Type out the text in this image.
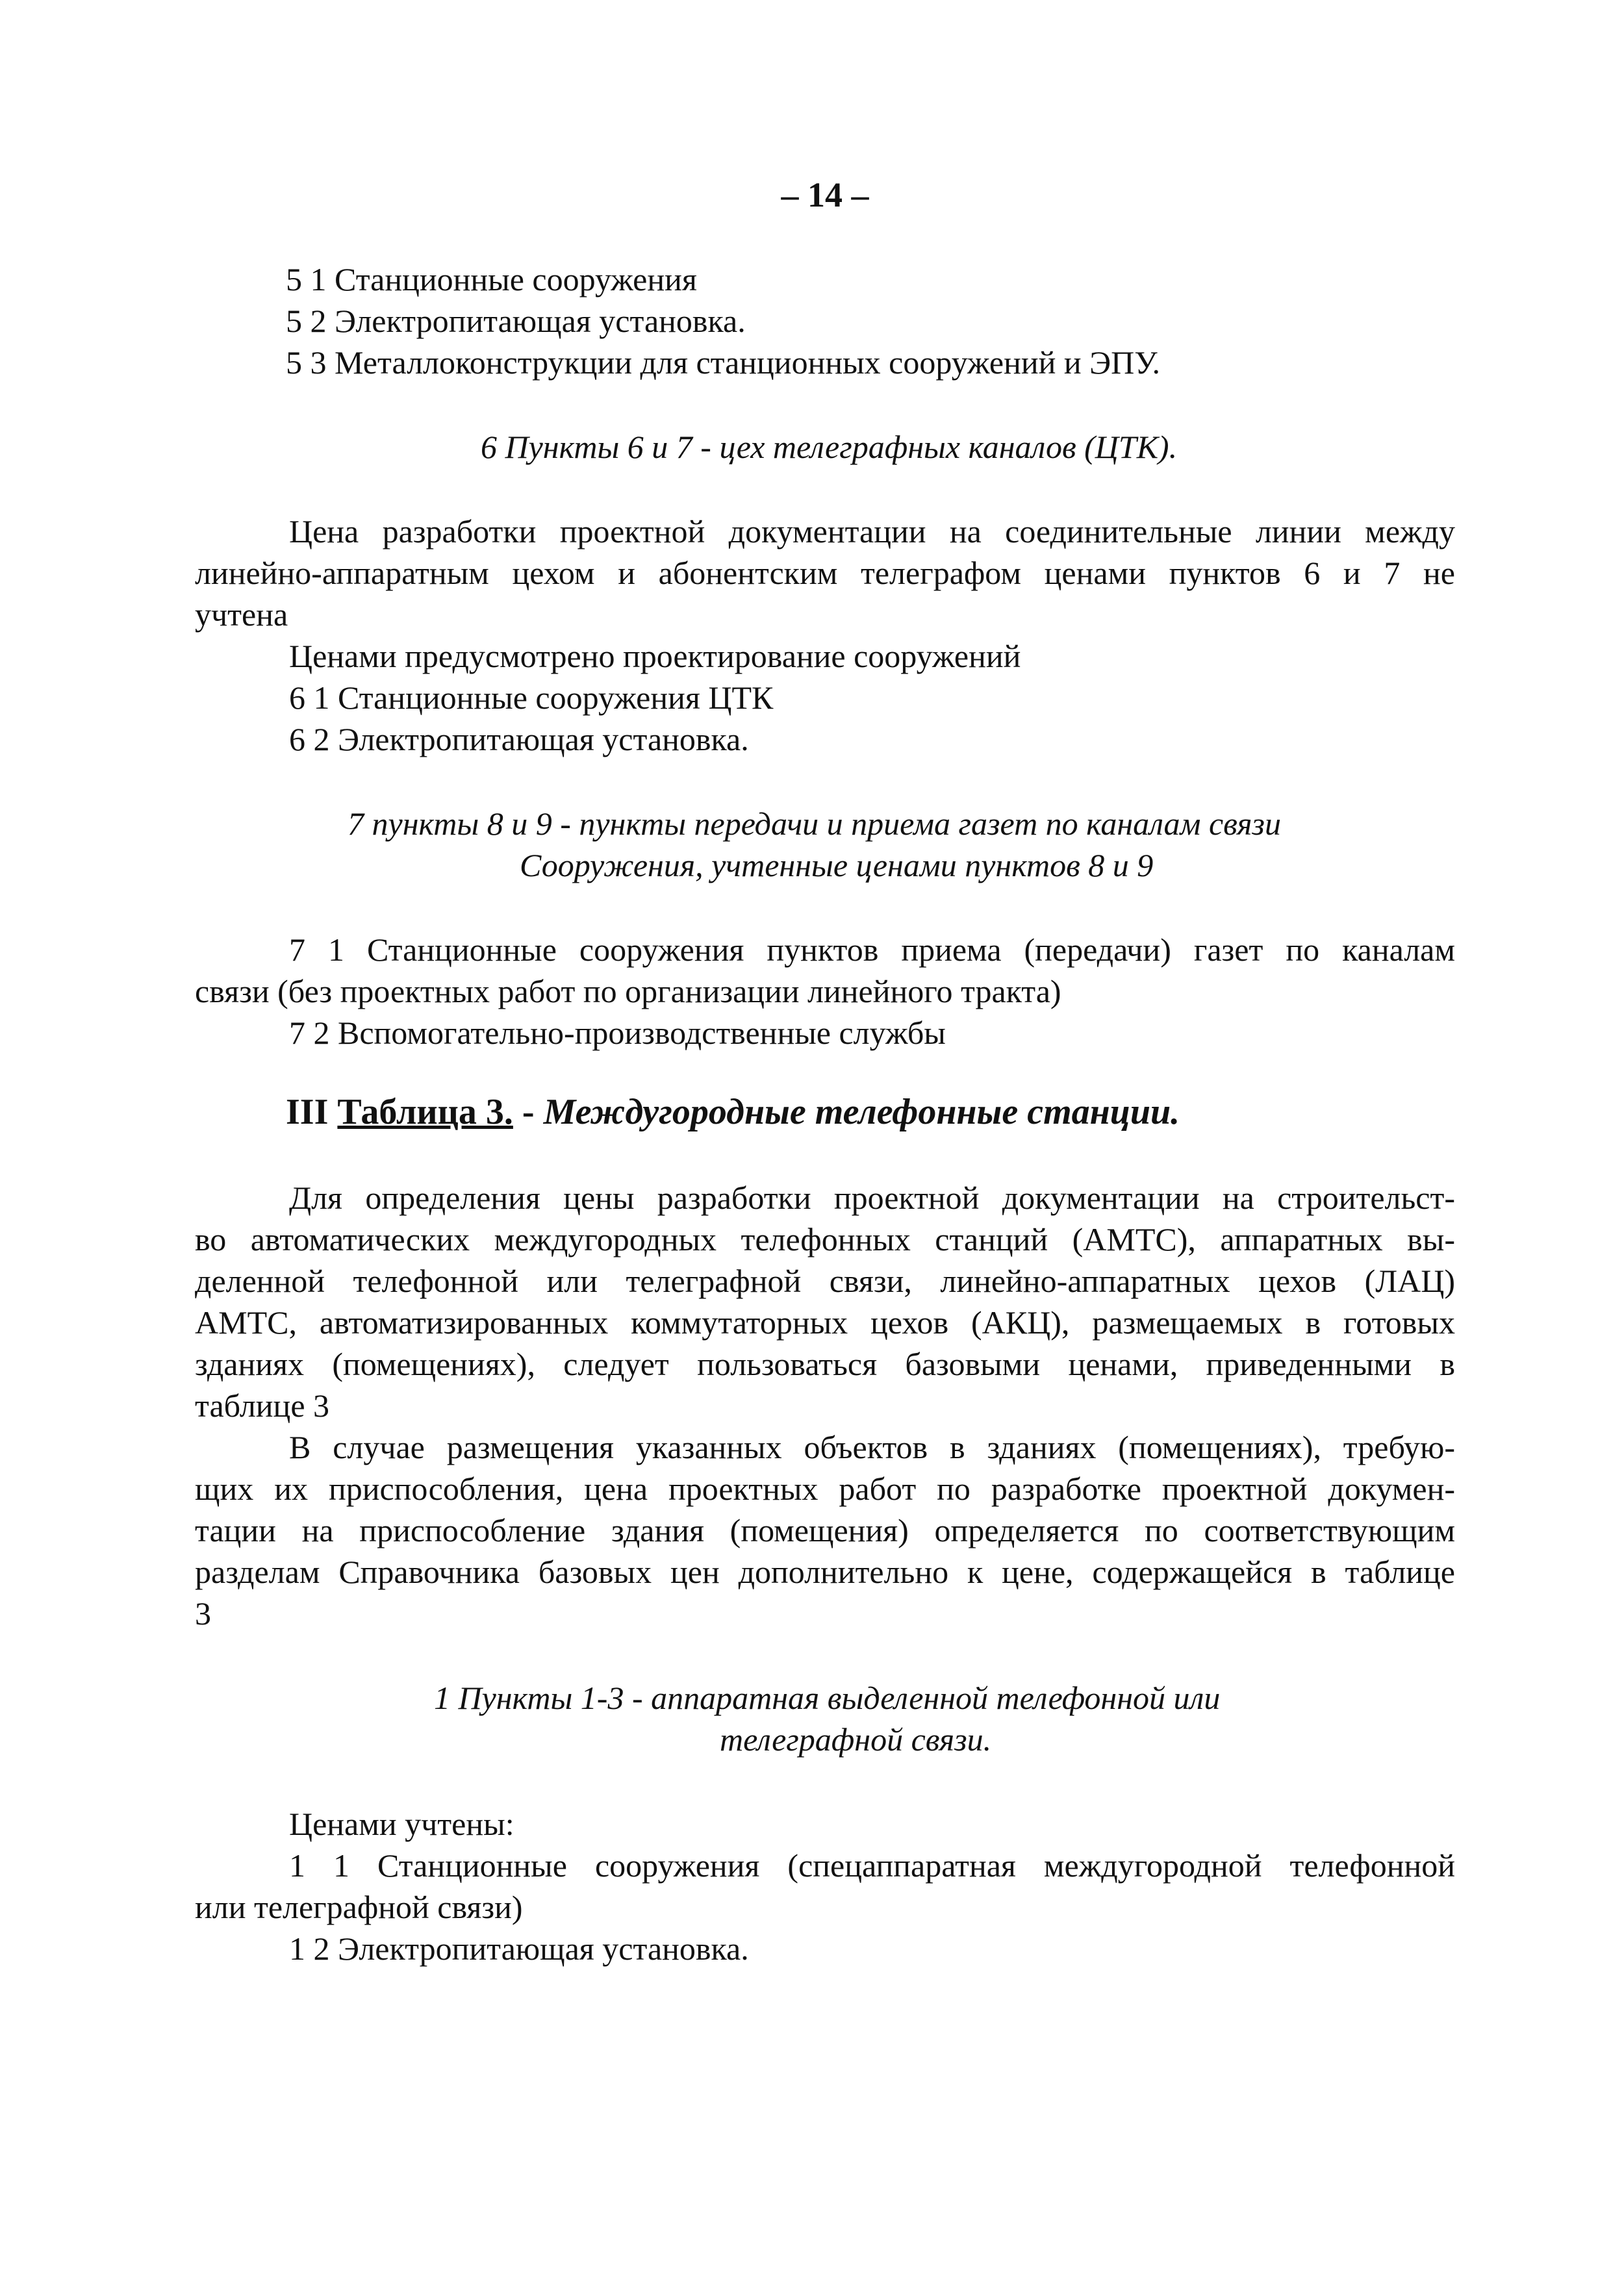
– 14 –
5 1 Станционные сооружения
5 2 Электропитающая установка.
5 3 Металлоконструкции для станционных сооружений и ЭПУ.
6 Пункты 6 и 7 - цех телеграфных каналов (ЦТК).
Цена разработки проектной документации на соединительные линии между
линейно-аппаратным цехом и абонентским телеграфом ценами пунктов 6 и 7 не
учтена
Ценами предусмотрено проектирование сооружений
6 1 Станционные сооружения ЦТК
6 2 Электропитающая установка.
7 пункты 8 и 9 - пункты передачи и приема газет по каналам связи
Сооружения, учтенные ценами пунктов 8 и 9
7 1 Станционные сооружения пунктов приема (передачи) газет по каналам
связи (без проектных работ по организации линейного тракта)
7 2 Вспомогательно-производственные службы
III Таблица 3. - Междугородные телефонные станции.
Для определения цены разработки проектной документации на строительст-
во автоматических междугородных телефонных станций (АМТС), аппаратных вы-
деленной телефонной или телеграфной связи, линейно-аппаратных цехов (ЛАЦ)
АМТС, автоматизированных коммутаторных цехов (АКЦ), размещаемых в готовых
зданиях (помещениях), следует пользоваться базовыми ценами, приведенными в
таблице 3
В случае размещения указанных объектов в зданиях (помещениях), требую-
щих их приспособления, цена проектных работ по разработке проектной докумен-
тации на приспособление здания (помещения) определяется по соответствующим
разделам Справочника базовых цен дополнительно к цене, содержащейся в таблице
3
1 Пункты 1-3 - аппаратная выделенной телефонной или
телеграфной связи.
Ценами учтены:
1 1 Станционные сооружения (спецаппаратная междугородной телефонной
или телеграфной связи)
1 2 Электропитающая установка.
